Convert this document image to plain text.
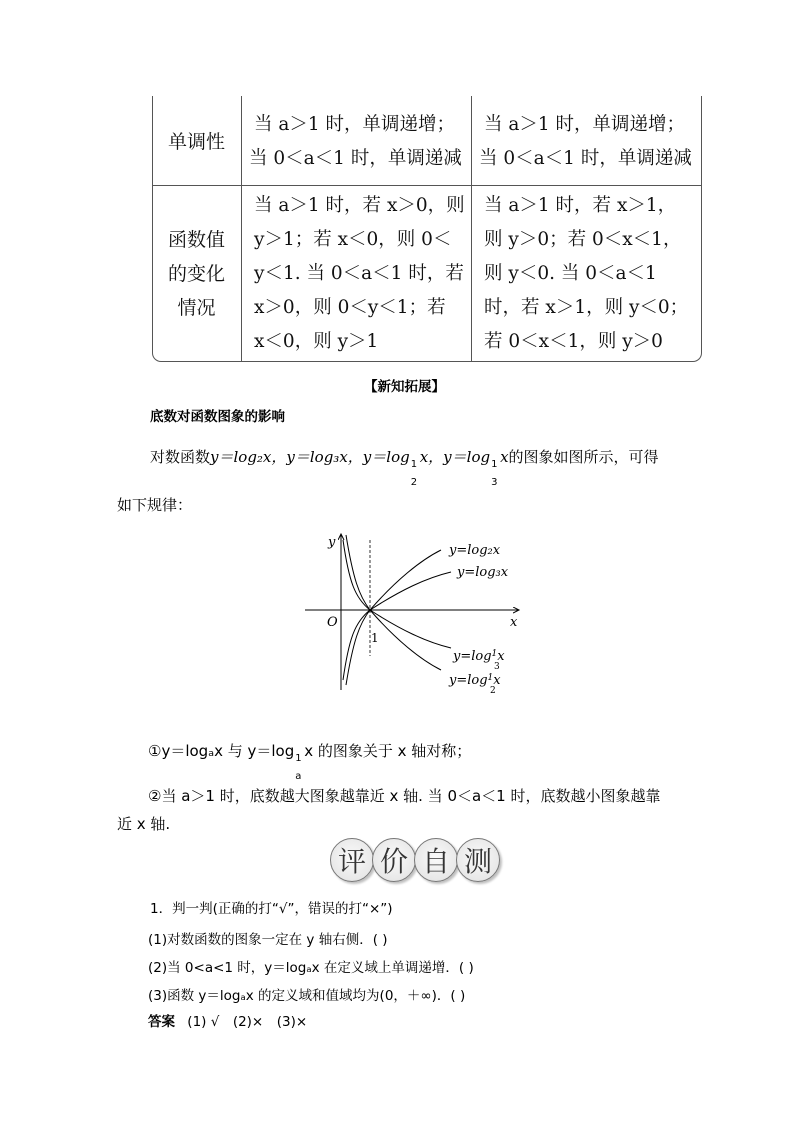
单调性
当 a＞1 时，单调递增；
当 0＜a＜1 时，单调递减
当 a＞1 时，单调递增；
当 0＜a＜1 时，单调递减
函数值
的变化
情况
当 a＞1 时，若 x＞0，则
y＞1；若 x＜0，则 0＜
y＜1. 当 0＜a＜1 时，若
x＞0，则 0＜y＜1；若
x＜0，则 y＞1
当 a＞1 时，若 x＞1，
则 y＞0；若 0＜x＜1，
则 y＜0. 当 0＜a＜1
时，若 x＞1，则 y＜0；
若 0＜x＜1，则 y＞0
【新知拓展】
底数对函数图象的影响
对数函数y＝log₂x，y＝log₃x，y＝log 1
2
x，y＝log 1
3
x的图象如图所示，可得
如下规律：
y
x
O
1
y=log₂x
y=log₃x
$y=\log^1x$
3
$y=\log^1x$
2
①y＝logₐx 与 y＝log 1
a
x 的图象关于 x 轴对称；
②当 a＞1 时，底数越大图象越靠近 x 轴. 当 0＜a＜1 时，底数越小图象越靠
近 x 轴.
评 价 自 测
1．判一判(正确的打“√”，错误的打“×”)
(1)对数函数的图象一定在 y 轴右侧．( )
(2)当 0<a<1 时，y＝logₐx 在定义域上单调递增．( )
(3)函数 y＝logₐx 的定义域和值域均为(0，＋∞)．( )
答案 (1) √　(2)×　(3)×
